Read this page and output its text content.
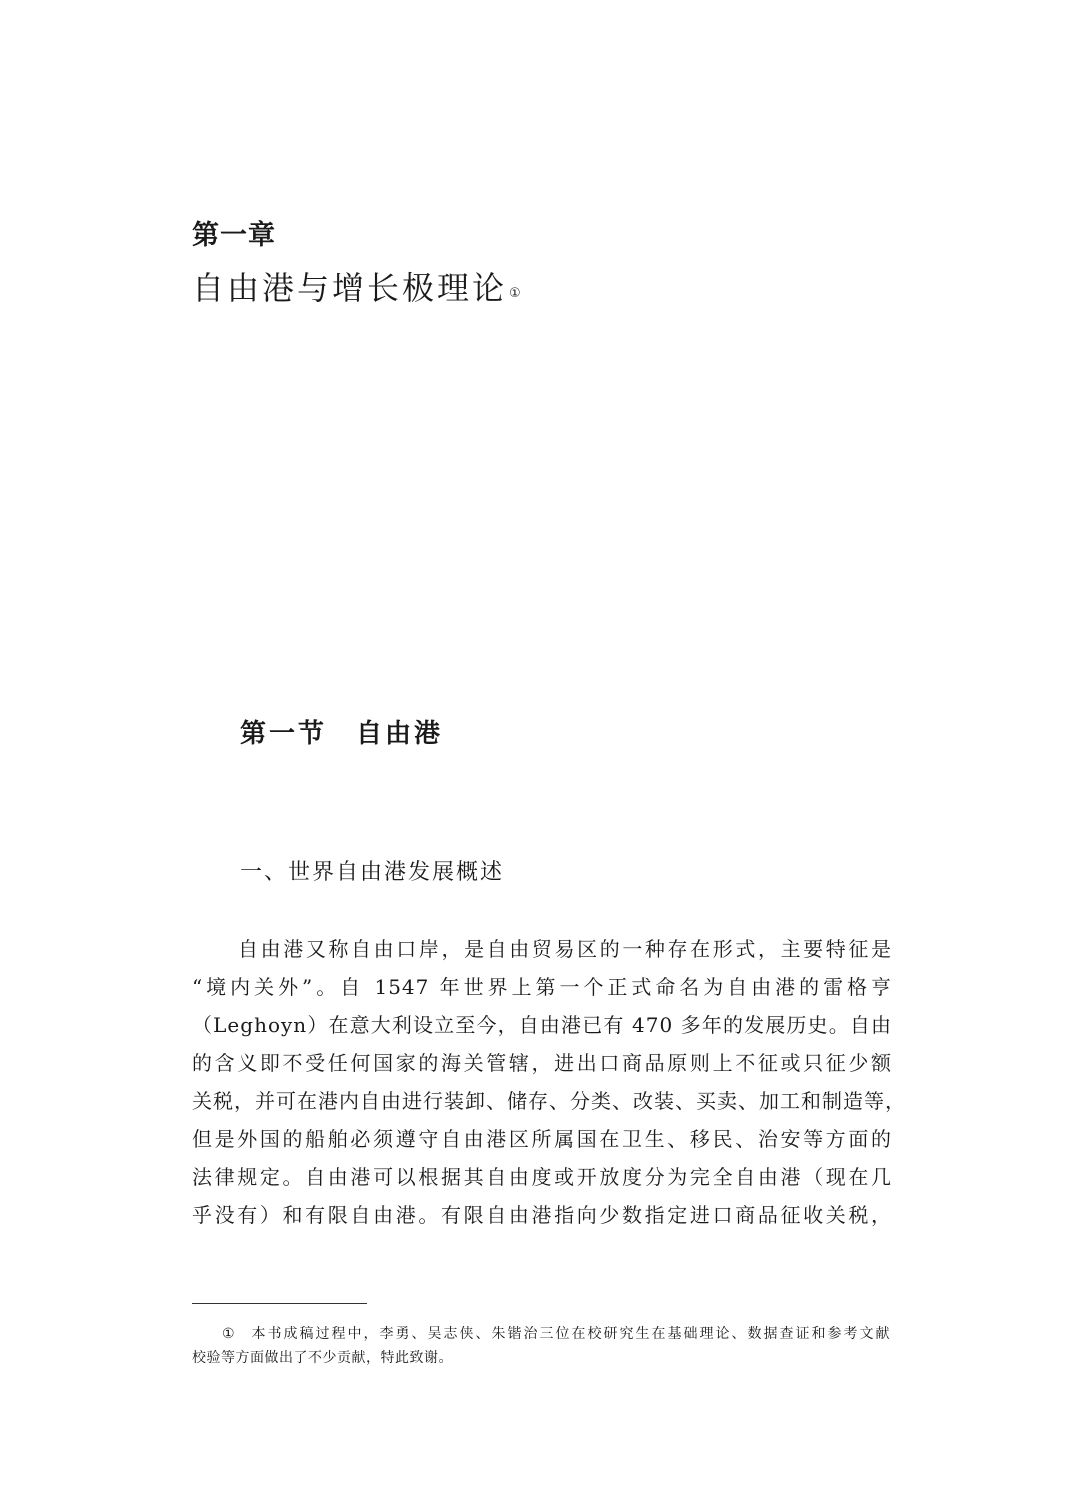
第一章
自由港与增长极理论 ①
第一节　自由港
一、世界自由港发展概述
自由港又称自由口岸，是自由贸易区的一种存在形式，主要特征是
“境内关外”。自 1547 年世界上第一个正式命名为自由港的雷格亨
（Leghoyn）在意大利设立至今，自由港已有 470 多年的发展历史。自由
的含义即不受任何国家的海关管辖，进出口商品原则上不征或只征少额
关税，并可在港内自由进行装卸、储存、分类、改装、买卖、加工和制造等，
但是外国的船舶必须遵守自由港区所属国在卫生、移民、治安等方面的
法律规定。自由港可以根据其自由度或开放度分为完全自由港（现在几
乎没有）和有限自由港。有限自由港指向少数指定进口商品征收关税，
① 本书成稿过程中，李勇、吴志侠、朱锴治三位在校研究生在基础理论、数据查证和参考文献
校验等方面做出了不少贡献，特此致谢。
